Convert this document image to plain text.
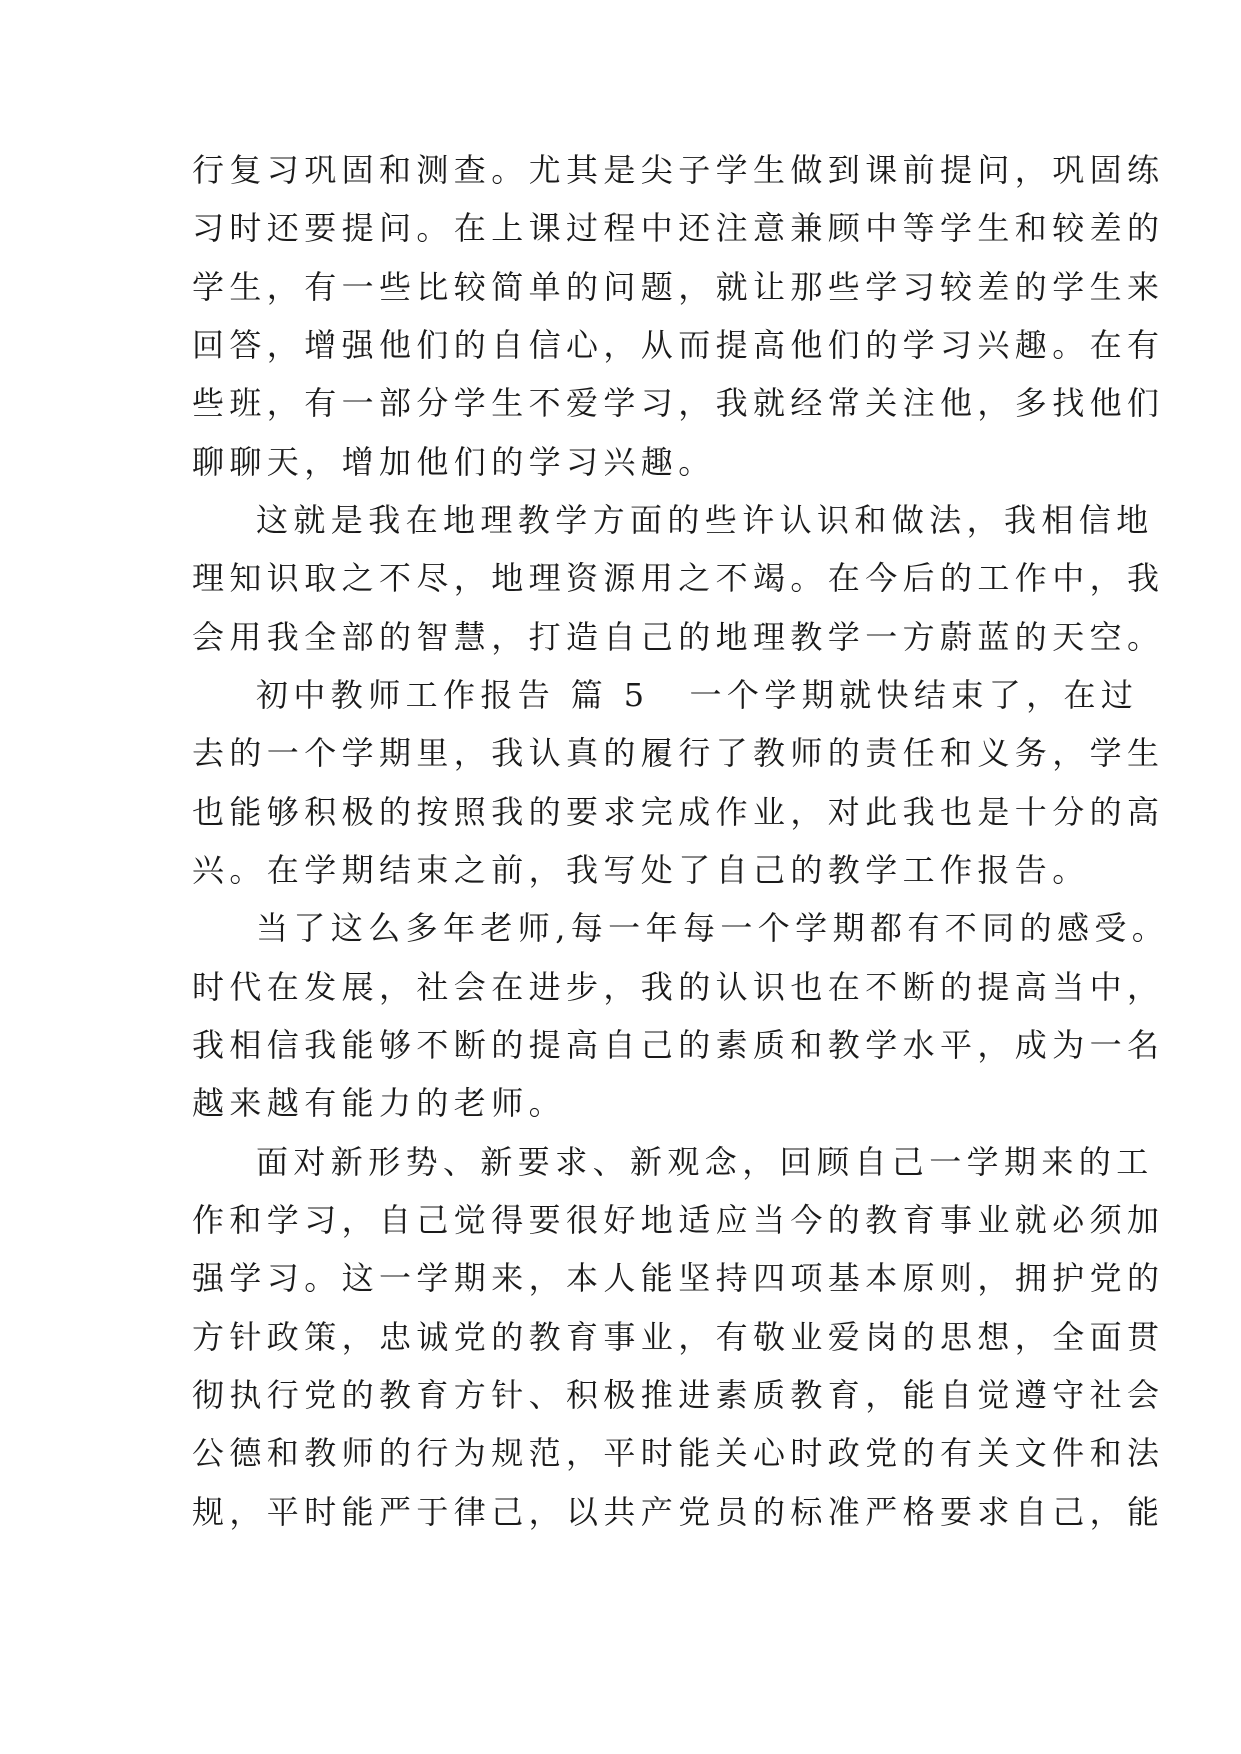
行复习巩固和测查。尤其是尖子学生做到课前提问，巩固练
习时还要提问。在上课过程中还注意兼顾中等学生和较差的
学生，有一些比较简单的问题，就让那些学习较差的学生来
回答，增强他们的自信心，从而提高他们的学习兴趣。在有
些班，有一部分学生不爱学习，我就经常关注他，多找他们
聊聊天，增加他们的学习兴趣。
这就是我在地理教学方面的些许认识和做法，我相信地
理知识取之不尽，地理资源用之不竭。在今后的工作中，我
会用我全部的智慧，打造自己的地理教学一方蔚蓝的天空。
初中教师工作报告 篇 5 一个学期就快结束了，在过
去的一个学期里，我认真的履行了教师的责任和义务，学生
也能够积极的按照我的要求完成作业，对此我也是十分的高
兴。在学期结束之前，我写处了自己的教学工作报告。
当了这么多年老师,每一年每一个学期都有不同的感受。
时代在发展，社会在进步，我的认识也在不断的提高当中，
我相信我能够不断的提高自己的素质和教学水平，成为一名
越来越有能力的老师。
面对新形势、新要求、新观念，回顾自己一学期来的工
作和学习，自己觉得要很好地适应当今的教育事业就必须加
强学习。这一学期来，本人能坚持四项基本原则，拥护党的
方针政策，忠诚党的教育事业，有敬业爱岗的思想，全面贯
彻执行党的教育方针、积极推进素质教育，能自觉遵守社会
公德和教师的行为规范，平时能关心时政党的有关文件和法
规，平时能严于律己，以共产党员的标准严格要求自己，能
